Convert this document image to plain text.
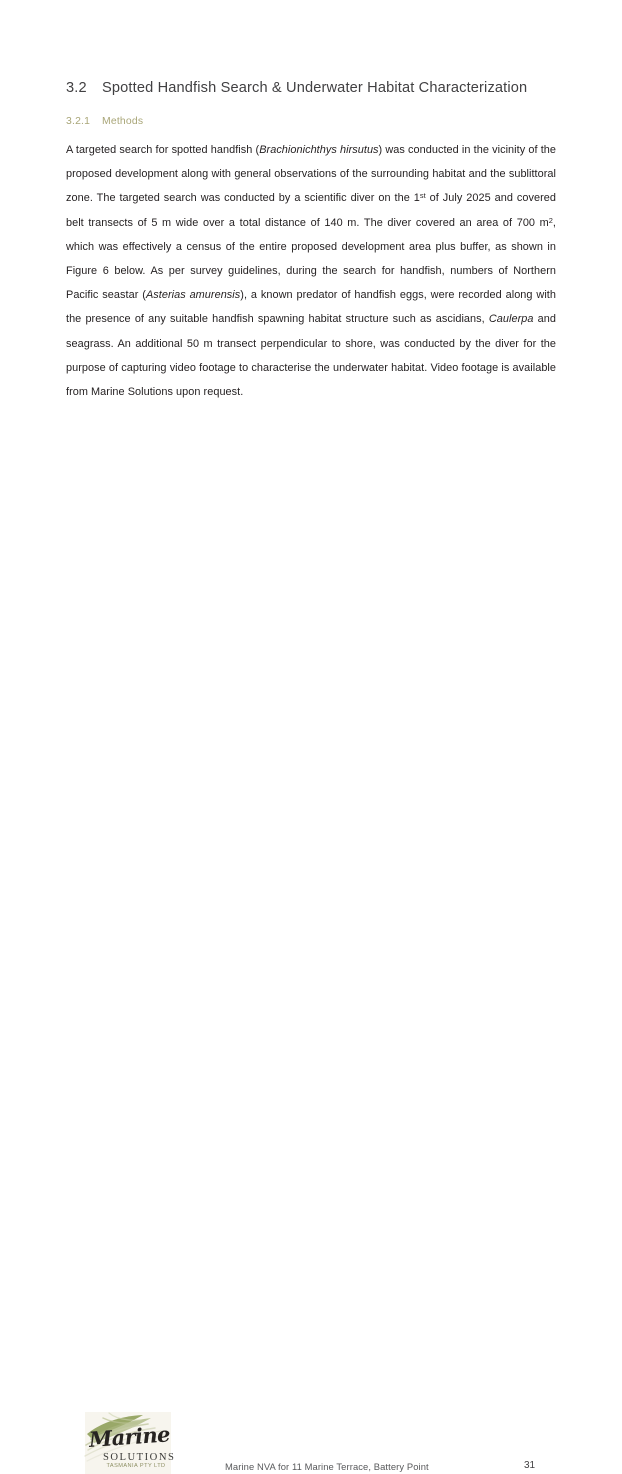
3.2	Spotted Handfish Search & Underwater Habitat Characterization
3.2.1	Methods

A targeted search for spotted handfish (Brachionichthys hirsutus) was conducted in the vicinity of the proposed development along with general observations of the surrounding habitat and the sublittoral zone. The targeted search was conducted by a scientific diver on the 1st of July 2025 and covered belt transects of 5 m wide over a total distance of 140 m. The diver covered an area of 700 $m^2$, which was effectively a census of the entire proposed development area plus buffer, as shown in Figure 6 below. As per survey guidelines, during the search for handfish, numbers of Northern Pacific seastar (Asterias amurensis), a known predator of handfish eggs, were recorded along with the presence of any suitable handfish spawning habitat structure such as ascidians, Caulerpa and seagrass. An additional 50 m transect perpendicular to shore, was conducted by the diver for the purpose of capturing video footage to characterise the underwater habitat. Video footage is available from Marine Solutions upon request.

Marine
SOLUTIONS
TASMANIA PTY LTD	Marine NVA for 11 Marine Terrace, Battery Point	31
